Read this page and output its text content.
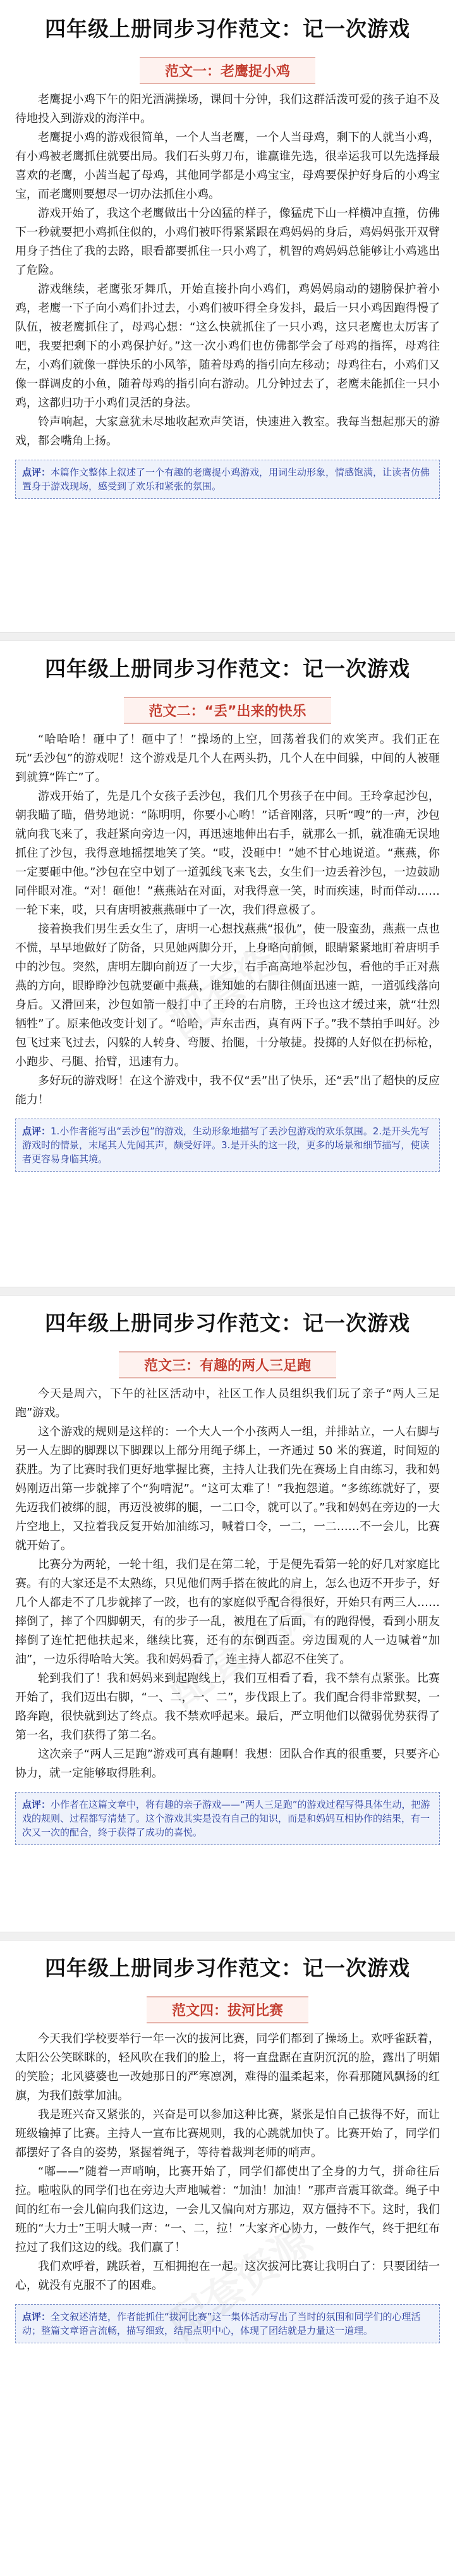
四年级上册同步习作范文：记一次游戏
范文一：老鹰捉小鸡

老鹰捉小鸡下午的阳光洒满操场，课间十分钟，我们这群活泼可爱的孩子迫不及待地投入到游戏的海洋中。

老鹰捉小鸡的游戏很简单，一个人当老鹰，一个人当母鸡，剩下的人就当小鸡，有小鸡被老鹰抓住就要出局。我们石头剪刀布，谁赢谁先选，很幸运我可以先选择最喜欢的老鹰，小茜当起了母鸡，其他同学都是小鸡宝宝，母鸡要保护好身后的小鸡宝宝，而老鹰则要想尽一切办法抓住小鸡。

游戏开始了，我这个老鹰做出十分凶猛的样子，像猛虎下山一样横冲直撞，仿佛下一秒就要把小鸡抓住似的，小鸡们被吓得紧紧跟在鸡妈妈的身后，鸡妈妈张开双臂用身子挡住了我的去路，眼看都要抓住一只小鸡了，机智的鸡妈妈总能够让小鸡逃出了危险。

游戏继续，老鹰张牙舞爪，开始直接扑向小鸡们，鸡妈妈扇动的翅膀保护着小鸡，老鹰一下子向小鸡们扑过去，小鸡们被吓得全身发抖，最后一只小鸡因跑得慢了队伍，被老鹰抓住了，母鸡心想：“这么快就抓住了一只小鸡，这只老鹰也太厉害了吧，我要把剩下的小鸡保护好。”这一次小鸡们也仿佛都学会了母鸡的指挥，母鸡往左，小鸡们就像一群快乐的小风筝，随着母鸡的指引向左移动；母鸡往右，小鸡们又像一群调皮的小鱼，随着母鸡的指引向右游动。几分钟过去了，老鹰未能抓住一只小鸡，这都归功于小鸡们灵活的身法。

铃声响起，大家意犹未尽地收起欢声笑语，快速进入教室。我每当想起那天的游戏，都会嘴角上扬。

点评：本篇作文整体上叙述了一个有趣的老鹰捉小鸡游戏，用词生动形象，情感饱满，让读者仿佛置身于游戏现场，感受到了欢乐和紧张的氛围。
四年级上册同步习作范文：记一次游戏
范文二：“丢”出来的快乐

“哈哈哈！砸中了！砸中了！”操场的上空，回荡着我们的欢笑声。我们正在玩“丢沙包”的游戏呢！这个游戏是几个人在两头扔，几个人在中间躲，中间的人被砸到就算“阵亡”了。

游戏开始了，先是几个女孩子丢沙包，我们几个男孩子在中间。王玲拿起沙包，朝我瞄了瞄，借势地说：“陈明明，你要小心哟！”话音刚落，只听“嗖”的一声，沙包就向我飞来了，我赶紧向旁边一闪，再迅速地伸出右手，就那么一抓，就准确无误地抓住了沙包，我得意地摇摆地笑了笑。“哎，没砸中！”她不甘心地说道。“燕燕，你一定要砸中他。”沙包在空中划了一道弧线飞来飞去，女生们一边丢着沙包，一边鼓励同伴眼对准。“对！砸他！”燕燕站在对面，对我得意一笑，时而疾速，时而佯动……一轮下来，哎，只有唐明被燕燕砸中了一次，我们得意极了。

接着换我们男生丢女生了，唐明一心想找燕燕“报仇”，使一股蛮劲，燕燕一点也不慌，早早地做好了防备，只见她两脚分开，上身略向前倾，眼睛紧紧地盯着唐明手中的沙包。突然，唐明左脚向前迈了一大步，右手高高地举起沙包，看他的手正对燕燕的方向，眼睁睁沙包就要砸中燕燕，谁知她的右脚往侧面迅速一踮，一道弧线落向身后。又滑回来，沙包如箭一般打中了王玲的右肩膀，王玲也这才缓过来，就“壮烈牺牲”了。原来他改变计划了。“哈哈，声东击西，真有两下子。”我不禁拍手叫好。沙包飞过来飞过去，闪躲的人转身、弯腰、抬腿，十分敏捷。投掷的人好似在扔标枪，小跑步、弓腿、抬臂，迅速有力。

多好玩的游戏呀！在这个游戏中，我不仅“丢”出了快乐，还“丢”出了超快的反应能力！

点评：1.小作者能写出“丢沙包”的游戏，生动形象地描写了丢沙包游戏的欢乐氛围。2.是开头先写游戏时的情景，末尾其人先闻其声，颇受好评。3.是开头的这一段，更多的场景和细节描写，使读者更容易身临其境。
四年级上册同步习作范文：记一次游戏
范文三：有趣的两人三足跑

今天是周六，下午的社区活动中，社区工作人员组织我们玩了亲子“两人三足跑”游戏。

这个游戏的规则是这样的：一个大人一个小孩两人一组，并排站立，一人右脚与另一人左脚的脚踝以下脚踝以上部分用绳子绑上，一齐通过 50 米的赛道，时间短的获胜。为了比赛时我们更好地掌握比赛，主持人让我们先在赛场上自由练习，我和妈妈刚迈出第一步就摔了个“狗啃泥”。“这可太难了！”我抱怨道。“多练练就好了，要先迈我们被绑的腿，再迈没被绑的腿，一二口令，就可以了。”我和妈妈在旁边的一大片空地上，又拉着我反复开始加油练习，喊着口令，一二，一二……不一会儿，比赛就开始了。

比赛分为两轮，一轮十组，我们是在第二轮，于是便先看第一轮的好几对家庭比赛。有的大家还是不太熟练，只见他们两手搭在彼此的肩上，怎么也迈不开步子，好几个人都走不了几步就摔了一跤，也有的家庭似乎配合得很好，开始只有两三人……摔倒了，摔了个四脚朝天，有的步子一乱，被甩在了后面，有的跑得慢，看到小朋友摔倒了连忙把他扶起来，继续比赛，还有的东倒西歪。旁边围观的人一边喊着“加油”，一边乐得哈哈大笑。我和妈妈看了，连主持人都忍不住笑了。

轮到我们了！我和妈妈来到起跑线上，我们互相看了看，我不禁有点紧张。比赛开始了，我们迈出右脚，“一、二，一、二”，步伐跟上了。我们配合得非常默契，一路奔跑，很快就到达了终点。我不禁欢呼起来。最后，严立明他们以微弱优势获得了第一名，我们获得了第二名。

这次亲子“两人三足跑”游戏可真有趣啊！我想：团队合作真的很重要，只要齐心协力，就一定能够取得胜利。

点评：小作者在这篇文章中，将有趣的亲子游戏——“两人三足跑”的游戏过程写得具体生动，把游戏的规则、过程都写清楚了。这个游戏其实是没有自己的知识，而是和妈妈互相协作的结果，有一次又一次的配合，终于获得了成功的喜悦。
四年级上册同步习作范文：记一次游戏
范文四：拔河比赛

今天我们学校要举行一年一次的拔河比赛，同学们都到了操场上。欢呼雀跃着，太阳公公笑眯眯的，轻风吹在我们的脸上，将一直盘踞在直阴沉沉的脸，露出了明媚的笑脸；北风婆婆也一改她那日的严寒凛冽，难得的温柔起来，你看那随风飘扬的红旗，为我们鼓掌加油。

我是班兴奋又紧张的，兴奋是可以参加这种比赛，紧张是怕自己拔得不好，而让班级输掉了比赛。主持人一宣布比赛规则，我的心跳就加快了。比赛开始了，同学们都摆好了各自的姿势，紧握着绳子，等待着裁判老师的哨声。

“嘟——”随着一声哨响，比赛开始了，同学们都使出了全身的力气，拼命往后拉。啦啦队的同学们也在旁边大声地喊着：“加油！加油！”那声音震耳欲聋。绳子中间的红布一会儿偏向我们这边，一会儿又偏向对方那边，双方僵持不下。这时，我们班的“大力士”王明大喊一声：“一、二，拉！”大家齐心协力，一鼓作气，终于把红布拉过了我们这边的线。我们赢了！

我们欢呼着，跳跃着，互相拥抱在一起。这次拔河比赛让我明白了：只要团结一心，就没有克服不了的困难。

点评：全文叙述清楚，作者能抓住“拔河比赛”这一集体活动写出了当时的氛围和同学们的心理活动；整篇文章语言流畅，描写细致，结尾点明中心，体现了团结就是力量这一道理。
